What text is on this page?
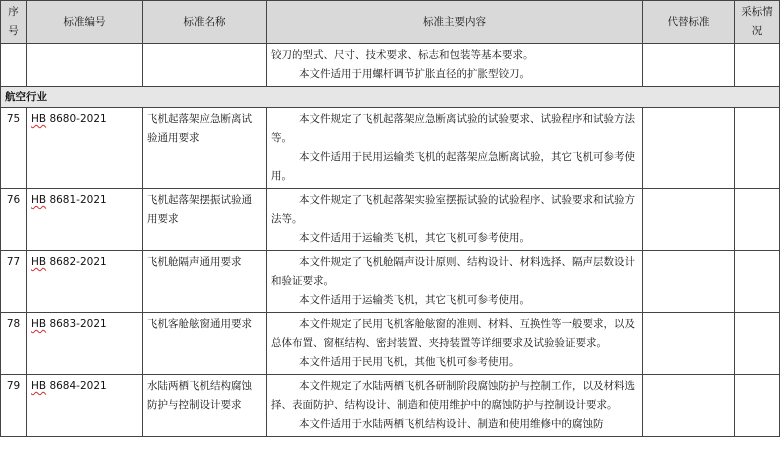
序号	标准编号	标准名称	标准主要内容	代替标准	采标情况

			铰刀的型式、尺寸、技术要求、标志和包装等基本要求。

本文件适用于用螺杆调节扩胀直径的扩胀型铰刀。		

航空行业					
75	HB 8680-2021	飞机起落架应急断离试验通用要求	本文件规定了飞机起落架应急断离试验的试验要求、试验程序和试验方法等。

本文件适用于民用运输类飞机的起落架应急断离试验，其它飞机可参考使用。		

76	HB 8681-2021	飞机起落架摆振试验通用要求	本文件规定了飞机起落架实验室摆振试验的试验程序、试验要求和试验方法等。

本文件适用于运输类飞机，其它飞机可参考使用。		

77	HB 8682-2021	飞机舱隔声通用要求	本文件规定了飞机舱隔声设计原则、结构设计、材料选择、隔声层数设计和验证要求。

本文件适用于运输类飞机，其它飞机可参考使用。		

78	HB 8683-2021	飞机客舱舷窗通用要求	本文件规定了民用飞机客舱舷窗的准则、材料、互换性等一般要求，以及总体布置、窗框结构、密封装置、夹持装置等详细要求及试验验证要求。

本文件适用于民用飞机，其他飞机可参考使用。		

79	HB 8684-2021	水陆两栖飞机结构腐蚀防护与控制设计要求	本文件规定了水陆两栖飞机各研制阶段腐蚀防护与控制工作，以及材料选择、表面防护、结构设计、制造和使用维护中的腐蚀防护与控制设计要求。

本文件适用于水陆两栖飞机结构设计、制造和使用维修中的腐蚀防		
